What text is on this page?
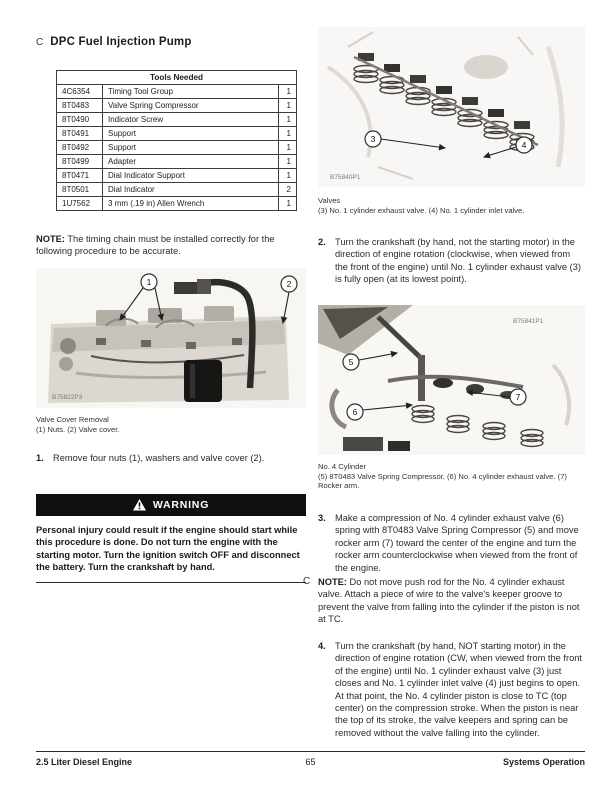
C DPC Fuel Injection Pump
Tools Needed		
4C6354	Timing Tool Group	1
8T0483	Valve Spring Compressor	1
8T0490	Indicator Screw	1
8T0491	Support	1
8T0492	Support	1
8T0499	Adapter	1
8T0471	Dial Indicator Support	1
8T0501	Dial Indicator	2
1U7562	3 mm (.19 in) Allen Wrench	1

NOTE: The timing chain must be installed correctly for the following procedure to be accurate.

1	2
B75822P3
Valve Cover Removal
(1) Nuts. (2) Valve cover.
1. Remove four nuts (1), washers and valve cover (2).
WARNING

Personal injury could result if the engine should start while this procedure is done. Do not turn the engine with the starting motor. Turn the ignition switch OFF and disconnect the battery. Turn the crankshaft by hand.

3
4
B75840P1
Valves
(3) No. 1 cylinder exhaust valve. (4) No. 1 cylinder inlet valve.
2. Turn the crankshaft (by hand, not the starting motor) in the direction of engine rotation (clockwise, when viewed from the front of the engine) until No. 1 cylinder exhaust valve (3) is fully open (at its lowest point).
5
6
7
B75841P1
No. 4 Cylinder
(5) 8T0483 Valve Spring Compressor. (6) No. 4 cylinder exhaust valve. (7) Rocker arm.
3. Make a compression of No. 4 cylinder exhaust valve (6) spring with 8T0483 Valve Spring Compressor (5) and move rocker arm (7) toward the center of the engine and turn the rocker arm counterclockwise when viewed from the front of the engine.

C NOTE: Do not move push rod for the No. 4 cylinder exhaust valve. Attach a piece of wire to the valve's keeper groove to prevent the valve from falling into the cylinder if the piston is not at TC.

4. Turn the crankshaft (by hand, NOT starting motor) in the direction of engine rotation (CW, when viewed from the front of the engine) until No. 1 cylinder exhaust valve (3) just closes and No. 1 cylinder inlet valve (4) just begins to open. At that point, the No. 4 cylinder piston is close to TC (top center) on the compression stroke. When the piston is near the top of its stroke, the valve keepers and spring can be removed without the valve falling into the cylinder.
2.5 Liter Diesel Engine	65	Systems Operation
